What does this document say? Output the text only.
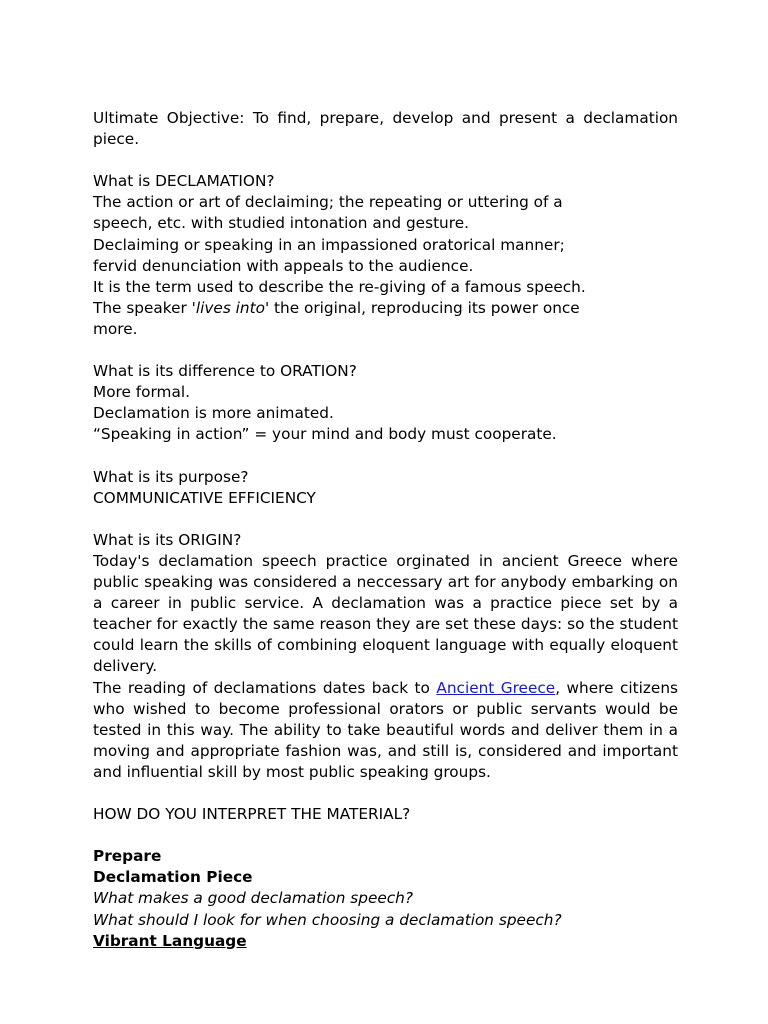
Ultimate Objective: To find, prepare, develop and present a declamation piece.

What is DECLAMATION?
The action or art of declaiming; the repeating or uttering of a
speech, etc. with studied intonation and gesture.
Declaiming or speaking in an impassioned oratorical manner;
fervid denunciation with appeals to the audience.
It is the term used to describe the re-giving of a famous speech.
The speaker 'lives into' the original, reproducing its power once
more.

What is its difference to ORATION?
More formal.
Declamation is more animated.
“Speaking in action” = your mind and body must cooperate.

What is its purpose?
COMMUNICATIVE EFFICIENCY

What is its ORIGIN?

Today's declamation speech practice orginated in ancient Greece where public speaking was considered a neccessary art for anybody embarking on a career in public service. A declamation was a practice piece set by a teacher for exactly the same reason they are set these days: so the student could learn the skills of combining eloquent language with equally eloquent delivery.

The reading of declamations dates back to Ancient Greece, where citizens who wished to become professional orators or public servants would be tested in this way. The ability to take beautiful words and deliver them in a moving and appropriate fashion was, and still is, considered and important and influential skill by most public speaking groups.

HOW DO YOU INTERPRET THE MATERIAL?

Prepare
Declamation Piece
What makes a good declamation speech?
What should I look for when choosing a declamation speech?
Vibrant Language
